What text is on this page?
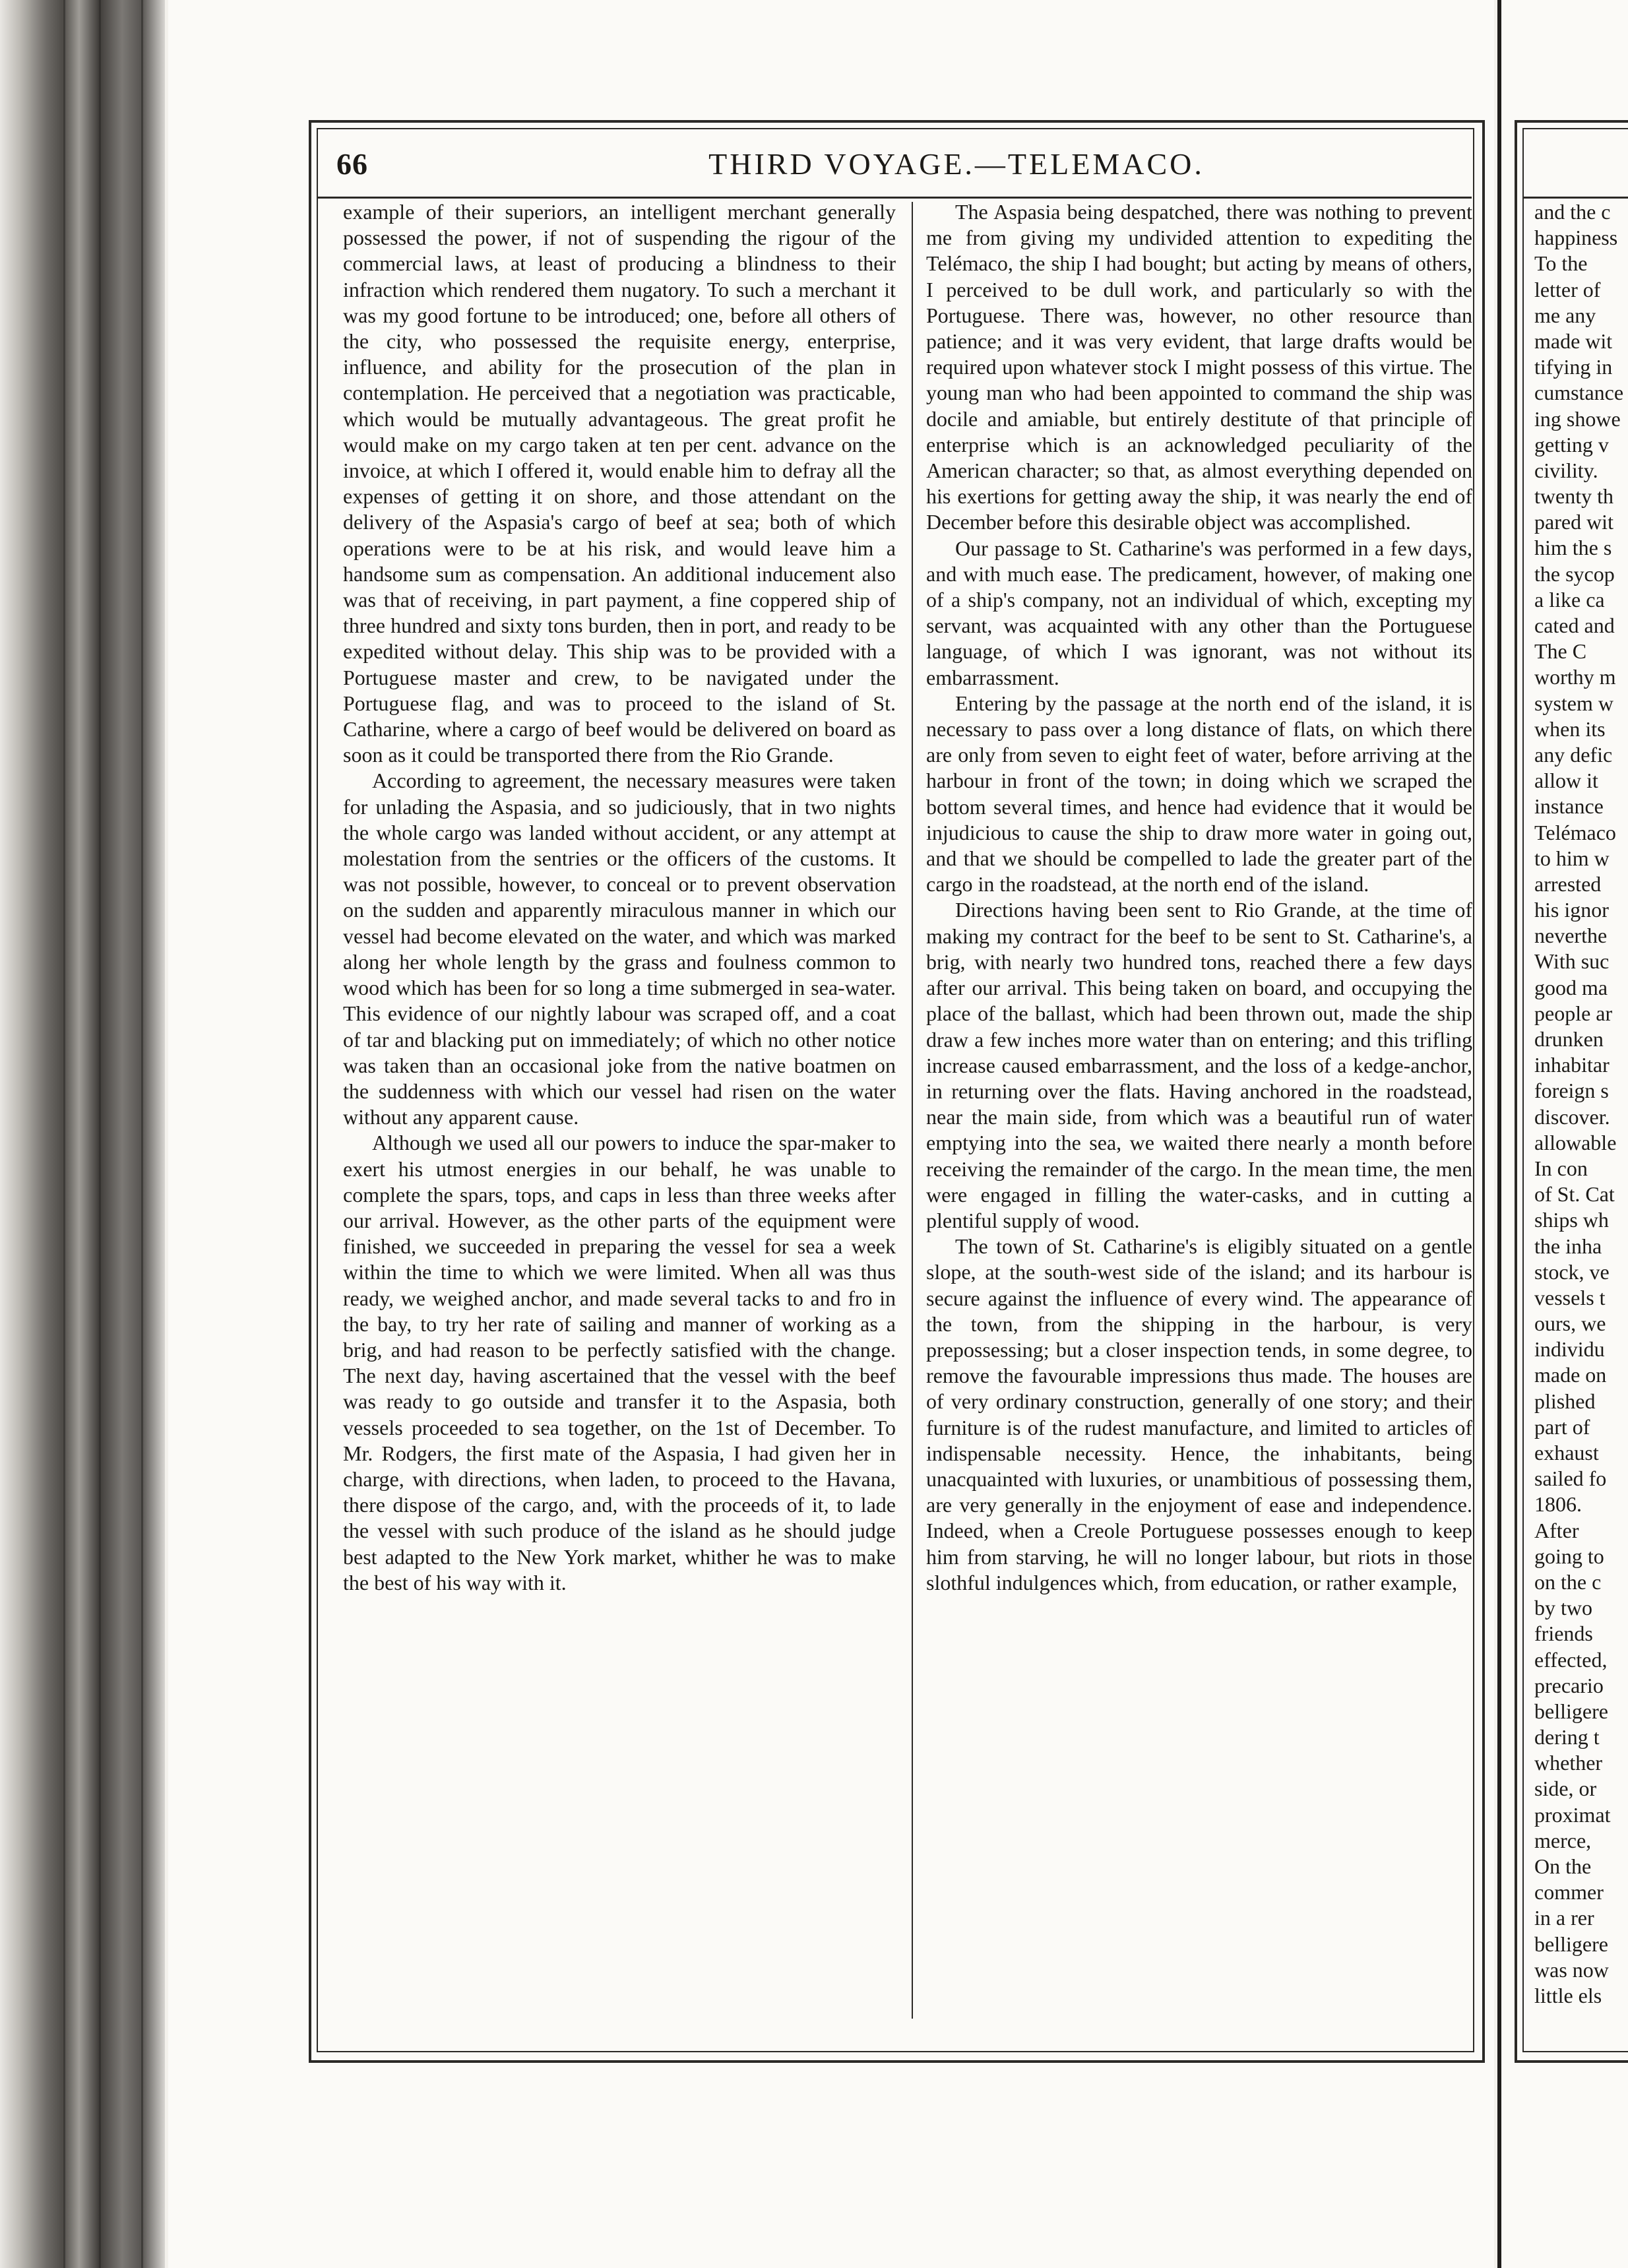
66	THIRD VOYAGE.—TELEMACO.

example of their superiors, an intelligent merchant generally possessed the power, if not of suspending the rigour of the commercial laws, at least of producing a blindness to their infraction which rendered them nugatory. To such a merchant it was my good fortune to be introduced; one, before all others of the city, who possessed the requisite energy, enterprise, influence, and ability for the prosecution of the plan in contemplation. He perceived that a negotiation was practicable, which would be mutually advantageous. The great profit he would make on my cargo taken at ten per cent. advance on the invoice, at which I offered it, would enable him to defray all the expenses of getting it on shore, and those attendant on the delivery of the Aspasia's cargo of beef at sea; both of which operations were to be at his risk, and would leave him a handsome sum as compensation. An additional inducement also was that of receiving, in part payment, a fine coppered ship of three hundred and sixty tons burden, then in port, and ready to be expedited without delay. This ship was to be provided with a Portuguese master and crew, to be navigated under the Portuguese flag, and was to proceed to the island of St. Catharine, where a cargo of beef would be delivered on board as soon as it could be transported there from the Rio Grande.

According to agreement, the necessary measures were taken for unlading the Aspasia, and so judiciously, that in two nights the whole cargo was landed without accident, or any attempt at molestation from the sentries or the officers of the customs. It was not possible, however, to conceal or to prevent observation on the sudden and apparently miraculous manner in which our vessel had become elevated on the water, and which was marked along her whole length by the grass and foulness common to wood which has been for so long a time submerged in sea-water. This evidence of our nightly labour was scraped off, and a coat of tar and blacking put on immediately; of which no other notice was taken than an occasional joke from the native boatmen on the suddenness with which our vessel had risen on the water without any apparent cause.

Although we used all our powers to induce the spar-maker to exert his utmost energies in our behalf, he was unable to complete the spars, tops, and caps in less than three weeks after our arrival. However, as the other parts of the equipment were finished, we succeeded in preparing the vessel for sea a week within the time to which we were limited. When all was thus ready, we weighed anchor, and made several tacks to and fro in the bay, to try her rate of sailing and manner of working as a brig, and had reason to be perfectly satisfied with the change. The next day, having ascertained that the vessel with the beef was ready to go outside and transfer it to the Aspasia, both vessels proceeded to sea together, on the 1st of December. To Mr. Rodgers, the first mate of the Aspasia, I had given her in charge, with directions, when laden, to proceed to the Havana, there dispose of the cargo, and, with the proceeds of it, to lade the vessel with such produce of the island as he should judge best adapted to the New York market, whither he was to make the best of his way with it.

The Aspasia being despatched, there was nothing to prevent me from giving my undivided attention to expediting the Telémaco, the ship I had bought; but acting by means of others, I perceived to be dull work, and particularly so with the Portuguese. There was, however, no other resource than patience; and it was very evident, that large drafts would be required upon whatever stock I might possess of this virtue. The young man who had been appointed to command the ship was docile and amiable, but entirely destitute of that principle of enterprise which is an acknowledged peculiarity of the American character; so that, as almost everything depended on his exertions for getting away the ship, it was nearly the end of December before this desirable object was accomplished.

Our passage to St. Catharine's was performed in a few days, and with much ease. The predicament, however, of making one of a ship's company, not an individual of which, excepting my servant, was acquainted with any other than the Portuguese language, of which I was ignorant, was not without its embarrassment.

Entering by the passage at the north end of the island, it is necessary to pass over a long distance of flats, on which there are only from seven to eight feet of water, before arriving at the harbour in front of the town; in doing which we scraped the bottom several times, and hence had evidence that it would be injudicious to cause the ship to draw more water in going out, and that we should be compelled to lade the greater part of the cargo in the roadstead, at the north end of the island.

Directions having been sent to Rio Grande, at the time of making my contract for the beef to be sent to St. Catharine's, a brig, with nearly two hundred tons, reached there a few days after our arrival. This being taken on board, and occupying the place of the ballast, which had been thrown out, made the ship draw a few inches more water than on entering; and this trifling increase caused embarrassment, and the loss of a kedge-anchor, in returning over the flats. Having anchored in the roadstead, near the main side, from which was a beautiful run of water emptying into the sea, we waited there nearly a month before receiving the remainder of the cargo. In the mean time, the men were engaged in filling the water-casks, and in cutting a plentiful supply of wood.

The town of St. Catharine's is eligibly situated on a gentle slope, at the south-west side of the island; and its harbour is secure against the influence of every wind. The appearance of the town, from the shipping in the harbour, is very prepossessing; but a closer inspection tends, in some degree, to remove the favourable impressions thus made. The houses are of very ordinary construction, generally of one story; and their furniture is of the rudest manufacture, and limited to articles of indispensable necessity. Hence, the inhabitants, being unacquainted with luxuries, or unambitious of possessing them, are very generally in the enjoyment of ease and independence. Indeed, when a Creole Portuguese possesses enough to keep him from starving, he will no longer labour, but riots in those slothful indulgences which, from education, or rather example,

and the c
happiness
To the
letter of
me any
made wit
tifying in
cumstance
ing showe
getting v
civility.
twenty th
pared wit
him the s
the sycop
a like ca
cated and
The C
worthy m
system w
when its
any defic
allow it
instance
Telémaco
to him w
arrested
his ignor
neverthe
With suc
good ma
people ar
drunken
inhabitar
foreign s
discover.
allowable
In con
of St. Cat
ships wh
the inha
stock, ve
vessels t
ours, we
individu
made on
plished
part of
exhaust
sailed fo
1806.
After
going to
on the c
by two
friends
effected,
precario
belligere
dering t
whether
side, or
proximat
merce,
On the
commer
in a rer
belligere
was now
little els
